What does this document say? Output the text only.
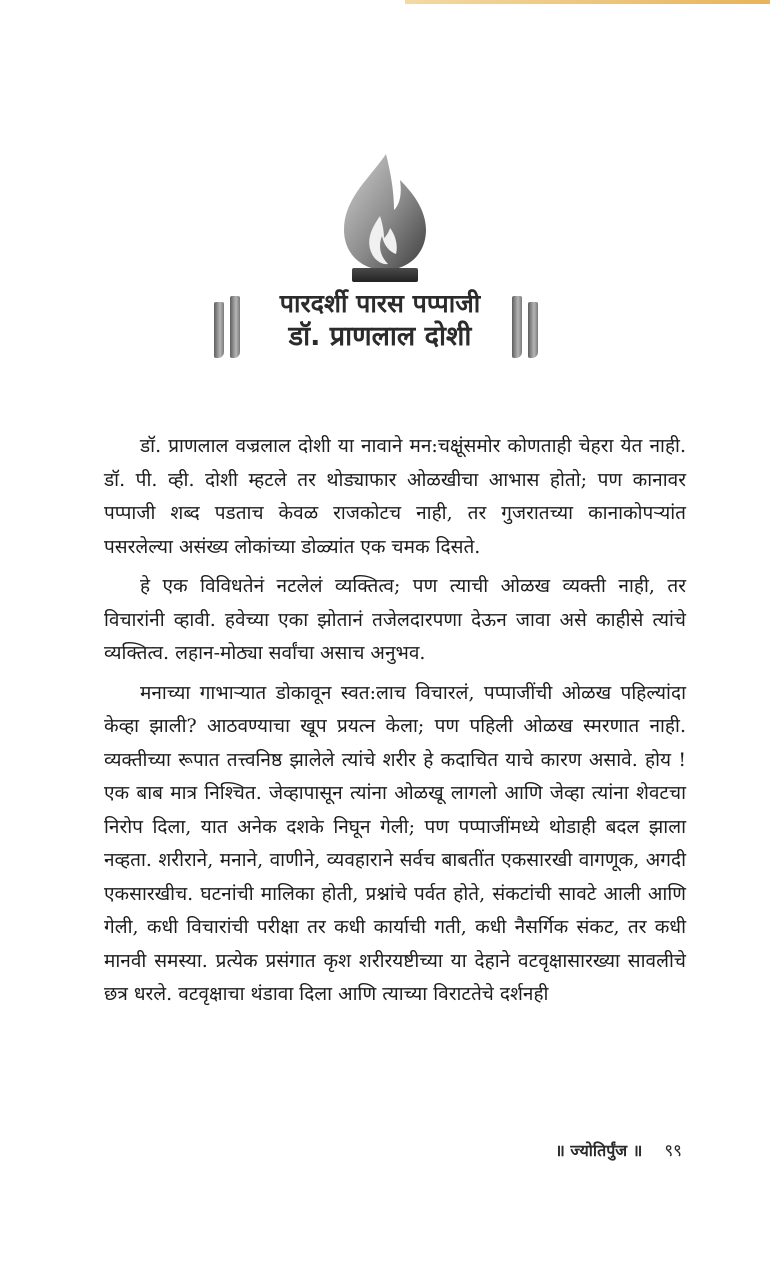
पारदर्शी पारस पप्पाजी
डॉ. प्राणलाल दोशी

डॉ. प्राणलाल वज्रलाल दोशी या नावाने मन:चक्षूंसमोर कोणताही चेहरा येत नाही. डॉ. पी. व्ही. दोशी म्हटले तर थोड्याफार ओळखीचा आभास होतो; पण कानावर पप्पाजी शब्द पडताच केवळ राजकोटच नाही, तर गुजरातच्या कानाकोपऱ्यांत पसरलेल्या असंख्य लोकांच्या डोळ्यांत एक चमक दिसते.

हे एक विविधतेनं नटलेलं व्यक्तित्व; पण त्याची ओळख व्यक्ती नाही, तर विचारांनी व्हावी. हवेच्या एका झोतानं तजेलदारपणा देऊन जावा असे काहीसे त्यांचे व्यक्तित्व. लहान-मोठ्या सर्वांचा असाच अनुभव.

मनाच्या गाभाऱ्यात डोकावून स्वत:लाच विचारलं, पप्पाजींची ओळख पहिल्यांदा केव्हा झाली? आठवण्याचा खूप प्रयत्न केला; पण पहिली ओळख स्मरणात नाही. व्यक्तीच्या रूपात तत्त्वनिष्ठ झालेले त्यांचे शरीर हे कदाचित याचे कारण असावे. होय ! एक बाब मात्र निश्चित. जेव्हापासून त्यांना ओळखू लागलो आणि जेव्हा त्यांना शेवटचा निरोप दिला, यात अनेक दशके निघून गेली; पण पप्पाजींमध्ये थोडाही बदल झाला नव्हता. शरीराने, मनाने, वाणीने, व्यवहाराने सर्वच बाबतींत एकसारखी वागणूक, अगदी एकसारखीच. घटनांची मालिका होती, प्रश्नांचे पर्वत होते, संकटांची सावटे आली आणि गेली, कधी विचारांची परीक्षा तर कधी कार्याची गती, कधी नैसर्गिक संकट, तर कधी मानवी समस्या. प्रत्येक प्रसंगात कृश शरीरयष्टीच्या या देहाने वटवृक्षासारख्या सावलीचे छत्र धरले. वटवृक्षाचा थंडावा दिला आणि त्याच्या विराटतेचे दर्शनही

॥ ज्योतिर्पुंज ॥ ९९
